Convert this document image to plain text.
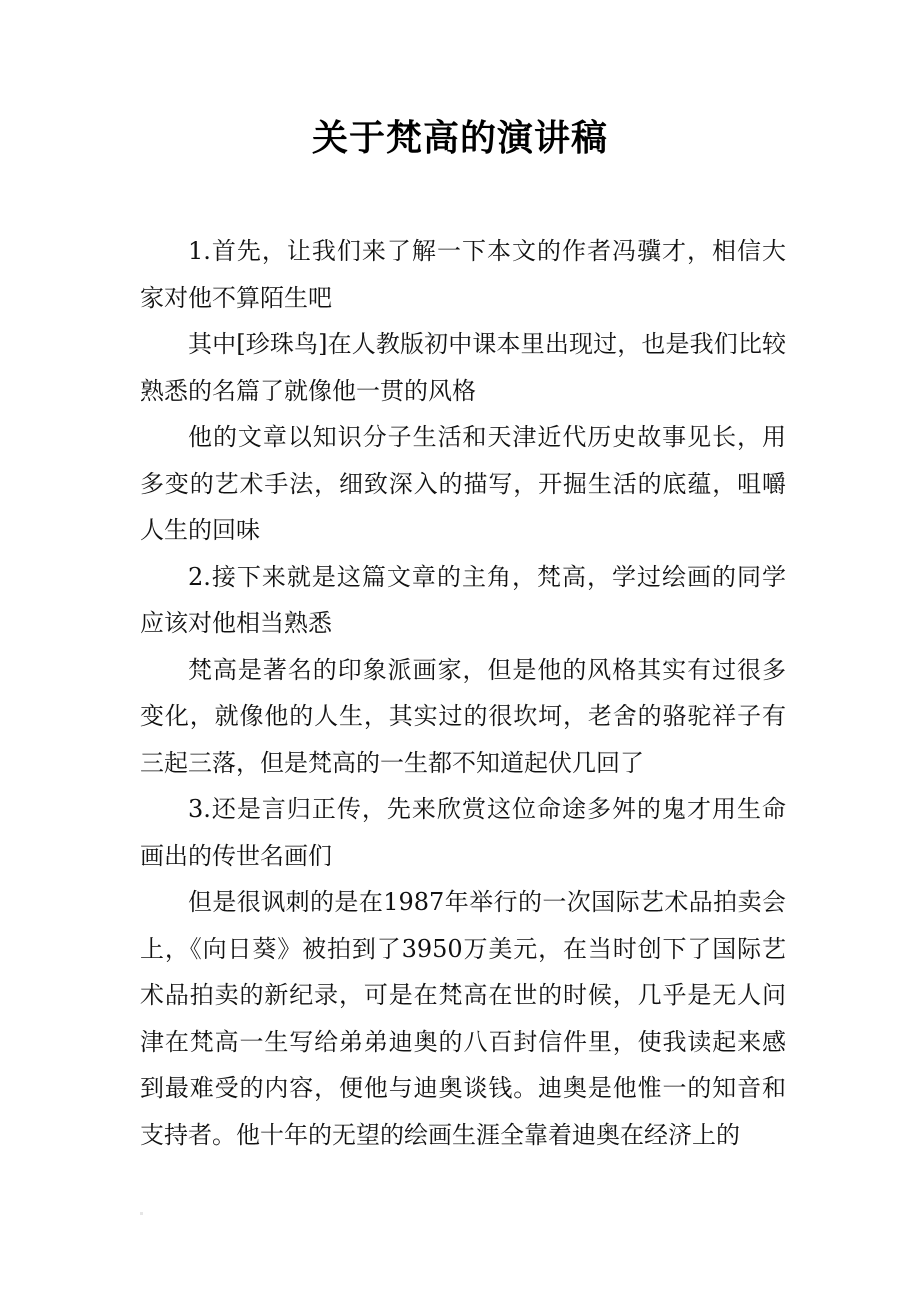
关于梵高的演讲稿

1.首先，让我们来了解一下本文的作者冯骥才，相信大家对他不算陌生吧

其中[珍珠鸟]在人教版初中课本里出现过，也是我们比较熟悉的名篇了就像他一贯的风格

他的文章以知识分子生活和天津近代历史故事见长，用多变的艺术手法，细致深入的描写，开掘生活的底蕴，咀嚼人生的回味

2.接下来就是这篇文章的主角，梵高，学过绘画的同学应该对他相当熟悉

梵高是著名的印象派画家，但是他的风格其实有过很多变化，就像他的人生，其实过的很坎坷，老舍的骆驼祥子有三起三落，但是梵高的一生都不知道起伏几回了

3.还是言归正传，先来欣赏这位命途多舛的鬼才用生命画出的传世名画们

但是很讽刺的是在1987年举行的一次国际艺术品拍卖会上，《向日葵》被拍到了3950万美元，在当时创下了国际艺术品拍卖的新纪录，可是在梵高在世的时候，几乎是无人问津在梵高一生写给弟弟迪奥的八百封信件里，使我读起来感到最难受的内容，便他与迪奥谈钱。迪奥是他惟一的知音和支持者。他十年的无望的绘画生涯全靠着迪奥在经济上的
